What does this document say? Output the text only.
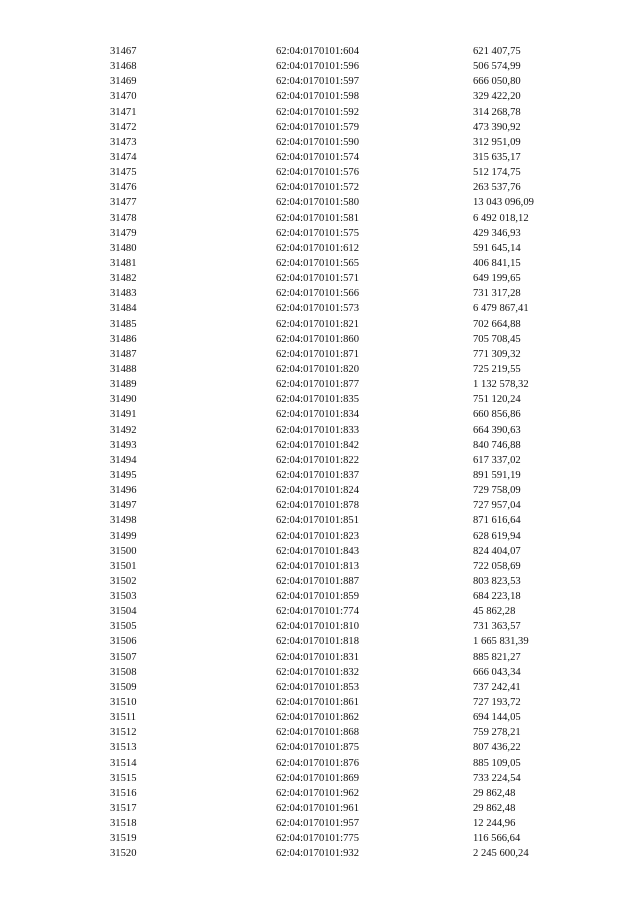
31467	62:04:0170101:604	621 407,75
31468	62:04:0170101:596	506 574,99
31469	62:04:0170101:597	666 050,80
31470	62:04:0170101:598	329 422,20
31471	62:04:0170101:592	314 268,78
31472	62:04:0170101:579	473 390,92
31473	62:04:0170101:590	312 951,09
31474	62:04:0170101:574	315 635,17
31475	62:04:0170101:576	512 174,75
31476	62:04:0170101:572	263 537,76
31477	62:04:0170101:580	13 043 096,09
31478	62:04:0170101:581	6 492 018,12
31479	62:04:0170101:575	429 346,93
31480	62:04:0170101:612	591 645,14
31481	62:04:0170101:565	406 841,15
31482	62:04:0170101:571	649 199,65
31483	62:04:0170101:566	731 317,28
31484	62:04:0170101:573	6 479 867,41
31485	62:04:0170101:821	702 664,88
31486	62:04:0170101:860	705 708,45
31487	62:04:0170101:871	771 309,32
31488	62:04:0170101:820	725 219,55
31489	62:04:0170101:877	1 132 578,32
31490	62:04:0170101:835	751 120,24
31491	62:04:0170101:834	660 856,86
31492	62:04:0170101:833	664 390,63
31493	62:04:0170101:842	840 746,88
31494	62:04:0170101:822	617 337,02
31495	62:04:0170101:837	891 591,19
31496	62:04:0170101:824	729 758,09
31497	62:04:0170101:878	727 957,04
31498	62:04:0170101:851	871 616,64
31499	62:04:0170101:823	628 619,94
31500	62:04:0170101:843	824 404,07
31501	62:04:0170101:813	722 058,69
31502	62:04:0170101:887	803 823,53
31503	62:04:0170101:859	684 223,18
31504	62:04:0170101:774	45 862,28
31505	62:04:0170101:810	731 363,57
31506	62:04:0170101:818	1 665 831,39
31507	62:04:0170101:831	885 821,27
31508	62:04:0170101:832	666 043,34
31509	62:04:0170101:853	737 242,41
31510	62:04:0170101:861	727 193,72
31511	62:04:0170101:862	694 144,05
31512	62:04:0170101:868	759 278,21
31513	62:04:0170101:875	807 436,22
31514	62:04:0170101:876	885 109,05
31515	62:04:0170101:869	733 224,54
31516	62:04:0170101:962	29 862,48
31517	62:04:0170101:961	29 862,48
31518	62:04:0170101:957	12 244,96
31519	62:04:0170101:775	116 566,64
31520	62:04:0170101:932	2 245 600,24
